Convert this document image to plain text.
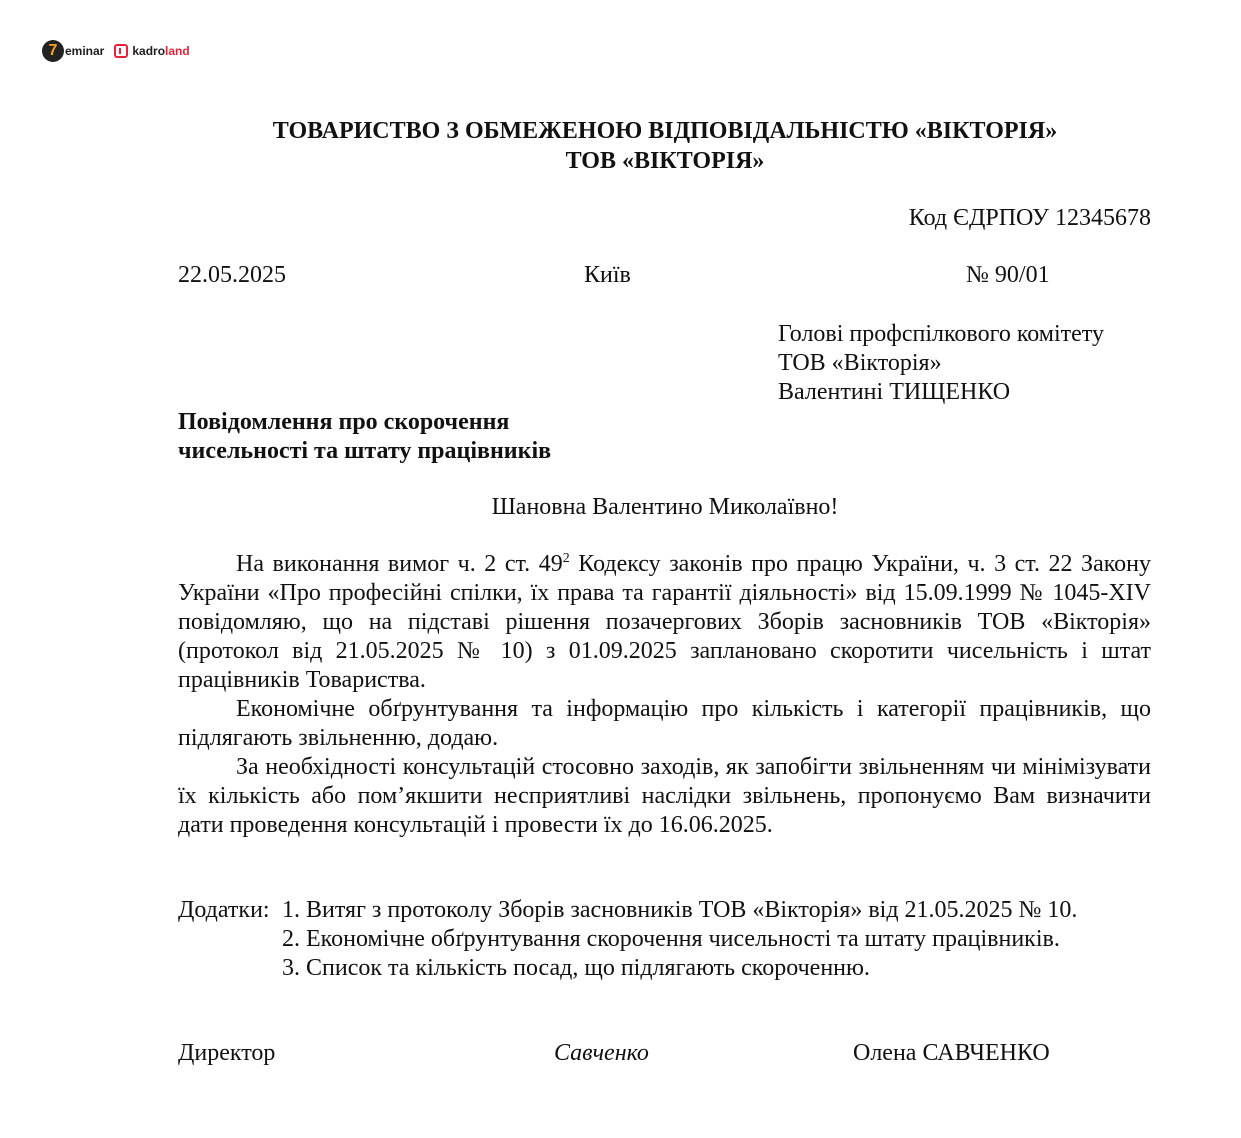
7 eminar kadro land
ТОВАРИСТВО З ОБМЕЖЕНОЮ ВІДПОВІДАЛЬНІСТЮ «ВІКТОРІЯ»
ТОВ «ВІКТОРІЯ»
Код ЄДРПОУ 12345678
22.05.2025	Київ	№ 90/01
Голові профспілкового комітету
ТОВ «Вікторія»
Валентині ТИЩЕНКО
Повідомлення про скорочення
чисельності та штату працівників
Шановна Валентино Миколаївно!

На виконання вимог ч. 2 ст. $49^2$ Кодексу законів про працю України, ч. 3 ст. 22 Закону України «Про професійні спілки, їх права та гарантії діяльності» від 15.09.1999 № 1045-XIV повідомляю, що на підставі рішення позачергових Зборів засновників ТОВ «Вікторія» (протокол від 21.05.2025 № 10) з 01.09.2025 заплановано скоротити чисельність і штат працівників Товариства.

Економічне обґрунтування та інформацію про кількість і категорії працівників, що підлягають звільненню, додаю.

За необхідності консультацій стосовно заходів, як запобігти звільненням чи мінімізувати їх кількість або пом’якшити несприятливі наслідки звільнень, пропонуємо Вам визначити дати проведення консультацій і провести їх до 16.06.2025.

Додатки: 1. Витяг з протоколу Зборів засновників ТОВ «Вікторія» від 21.05.2025 № 10.
2. Економічне обґрунтування скорочення чисельності та штату працівників.
3. Список та кількість посад, що підлягають скороченню.
Директор	Савченко	Олена САВЧЕНКО
